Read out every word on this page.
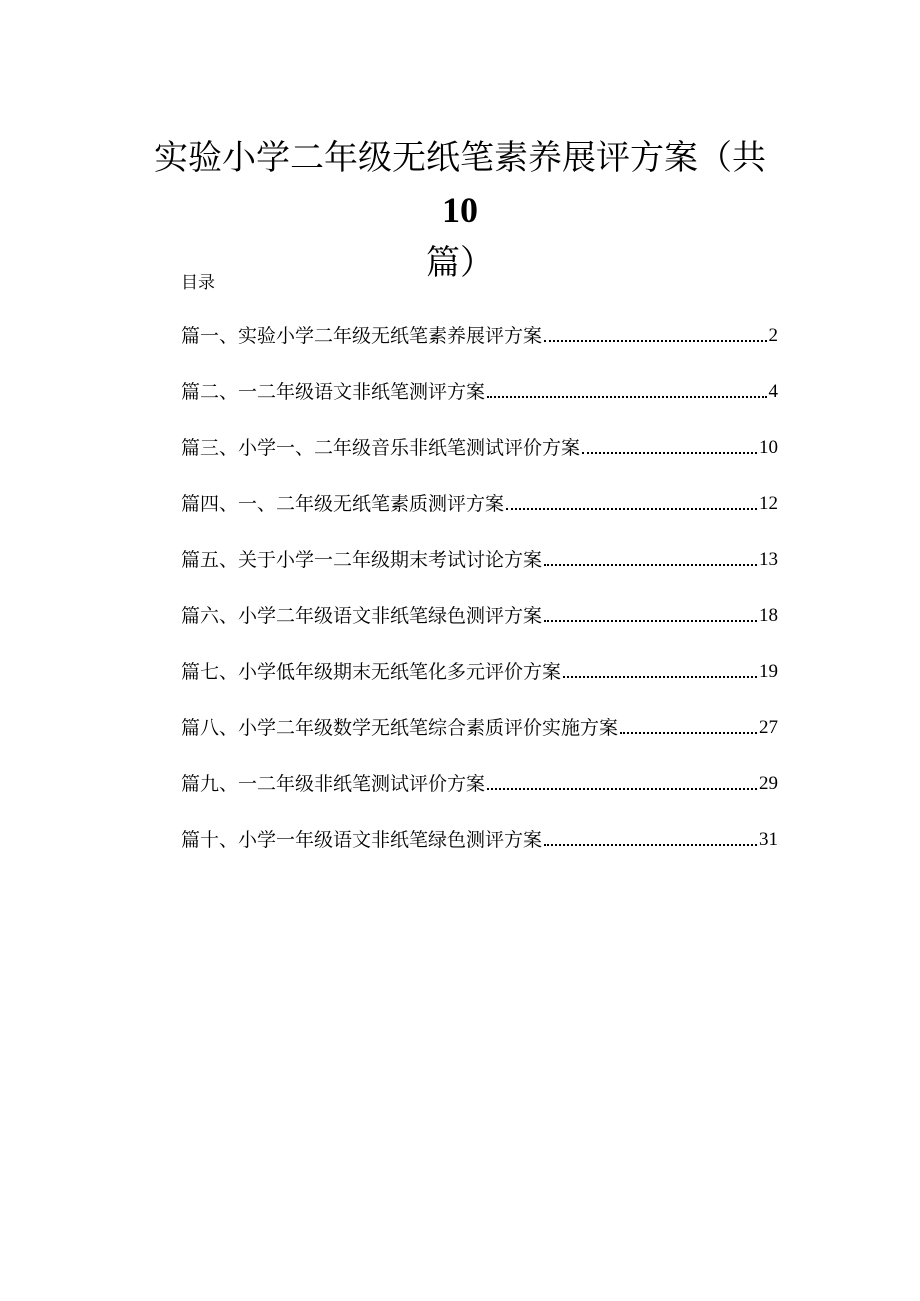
实验小学二年级无纸笔素养展评方案（共10
篇）
目录
篇一、实验小学二年级无纸笔素养展评方案	2
篇二、一二年级语文非纸笔测评方案	4
篇三、小学一、二年级音乐非纸笔测试评价方案	10
篇四、一、二年级无纸笔素质测评方案	12
篇五、关于小学一二年级期末考试讨论方案	13
篇六、小学二年级语文非纸笔绿色测评方案	18
篇七、小学低年级期末无纸笔化多元评价方案	19
篇八、小学二年级数学无纸笔综合素质评价实施方案	27
篇九、一二年级非纸笔测试评价方案	29
篇十、小学一年级语文非纸笔绿色测评方案	31
